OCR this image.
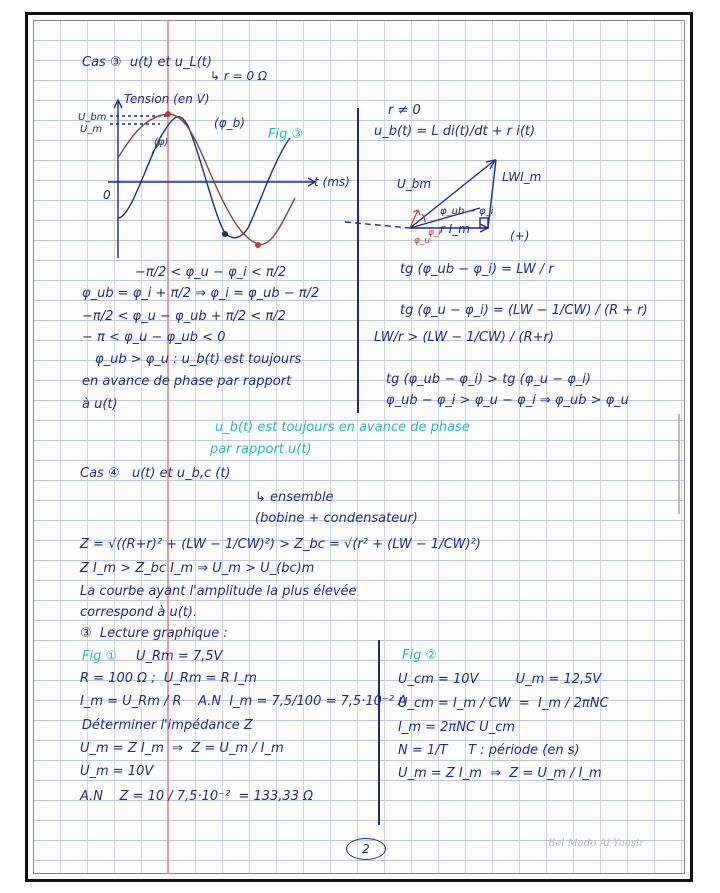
Cas ③  u(t) et u_L(t)
↳ r = 0 Ω
Tension (en V)
U_bm
U_m	(φ_b)
(φ)
Fig ③
t (ms)
0
r ≠ 0
u_b(t) = L di(t)/dt + r i(t)
U_bm	LWI_m
φ_ub − φ_i
r I_m	(+)
φ_u
φ_i
−π/2 < φ_u − φ_i < π/2
φ_ub = φ_i + π/2 ⇒ φ_i = φ_ub − π/2
−π/2 < φ_u − φ_ub + π/2 < π/2
− π < φ_u − φ_ub < 0
φ_ub > φ_u : u_b(t) est toujours
en avance de phase par rapport
à u(t)
tg (φ_ub − φ_i) = LW / r
tg (φ_u − φ_i) = (LW − 1/CW) / (R + r)
LW/r > (LW − 1/CW) / (R+r)
tg (φ_ub − φ_i) > tg (φ_u − φ_i)
φ_ub − φ_i > φ_u − φ_i ⇒ φ_ub > φ_u
u_b(t) est toujours en avance de phase
par rapport u(t)
Cas ④   u(t) et u_b,c (t)
↳ ensemble
(bobine + condensateur)
Z = √((R+r)² + (LW − 1/CW)²) > Z_bc = √(r² + (LW − 1/CW)²)
Z I_m > Z_bc I_m ⇒ U_m > U_(bc)m
La courbe ayant l'amplitude la plus élevée
correspond à u(t).
③  Lecture graphique :
Fig ① U_Rm = 7,5V
R = 100 Ω ;  U_Rm = R I_m
I_m = U_Rm / R    A.N  I_m = 7,5/100 = 7,5·10⁻² A
Déterminer l'impédance Z
U_m = Z I_m  ⇒  Z = U_m / I_m
U_m = 10V
A.N    Z = 10 / 7,5·10⁻²  = 133,33 Ω
Fig ②
U_cm = 10V         U_m = 12,5V
U_cm = I_m / CW  =  I_m / 2πNC
I_m = 2πNC U_cm
N = 1/T     T : période (en s)
U_m = Z I_m  ⇒  Z = U_m / I_m
2	Bel Mado Al Yaasir
